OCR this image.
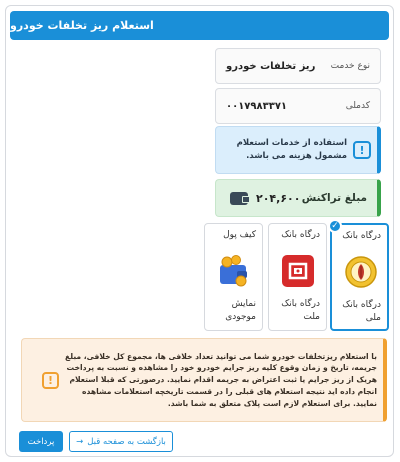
استعلام ریز تخلفات خودرو
ریز تخلفات خودرو نوع خدمت
۰۰۱۷۹۸۳۳۷۱	کدملی
!
استفاده از خدمات استعلام مشمول هزینه می باشد.
۲۰۴,۶۰۰ مبلغ تراکنش
✓
درگاه بانک
درگاه بانک ملی
درگاه بانک
درگاه بانک ملت
کیف پول
نمایش موجودی
با استعلام ریزتخلفات خودرو شما می توانید تعداد خلافی ها، مجموع کل خلافی، مبلغ جریمه، تاریخ و زمان وقوع کلیه ریز جرایم خودرو خود را مشاهده و نسبت به پرداخت هریک از ریز جرایم یا ثبت اعتراض به جریمه اقدام نمایید. درصورتی که قبلا استعلام انجام داده اید نتیجه استعلام های قبلی را در قسمت تاریخچه استعلامات مشاهده نمایید. برای استعلام لازم است پلاک متعلق به شما باشد.
!
پرداخت	بازگشت به صفحه قبل
→
